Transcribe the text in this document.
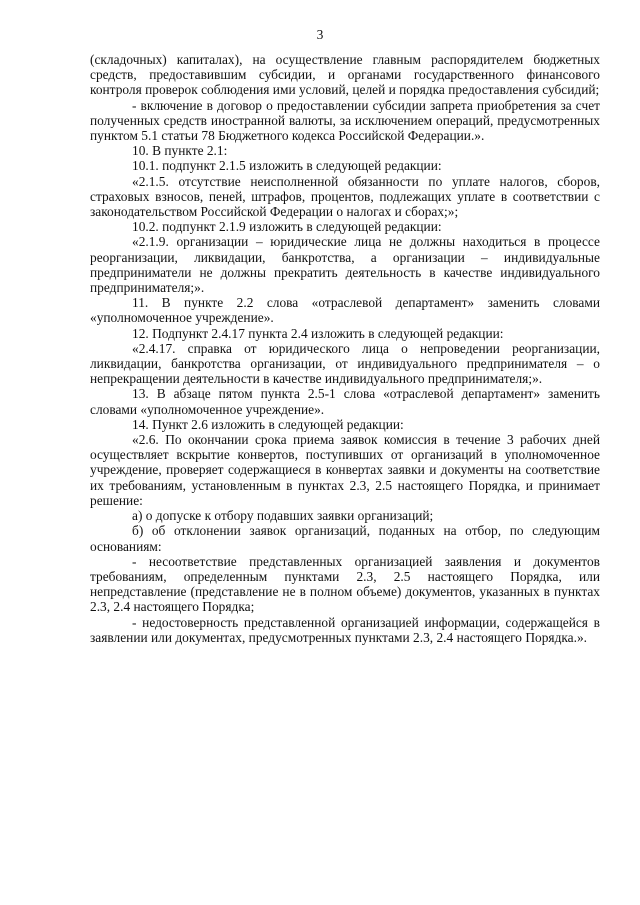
3

(складочных) капиталах), на осуществление главным распорядителем бюджетных средств, предоставившим субсидии, и органами государственного финансового контроля проверок соблюдения ими условий, целей и порядка предоставления субсидий;

- включение в договор о предоставлении субсидии запрета приобретения за счет полученных средств иностранной валюты, за исключением операций, предусмотренных пунктом 5.1 статьи 78 Бюджетного кодекса Российской Федерации.».

10. В пункте 2.1:

10.1. подпункт 2.1.5 изложить в следующей редакции:

«2.1.5. отсутствие неисполненной обязанности по уплате налогов, сборов, страховых взносов, пеней, штрафов, процентов, подлежащих уплате в соответствии с законодательством Российской Федерации о налогах и сборах;»;

10.2. подпункт 2.1.9 изложить в следующей редакции:

«2.1.9. организации – юридические лица не должны находиться в процессе реорганизации, ликвидации, банкротства, а организации – индивидуальные предприниматели не должны прекратить деятельность в качестве индивидуального предпринимателя;».

11. В пункте 2.2 слова «отраслевой департамент» заменить словами «уполномоченное учреждение».

12. Подпункт 2.4.17 пункта 2.4 изложить в следующей редакции:

«2.4.17. справка от юридического лица о непроведении реорганизации, ликвидации, банкротства организации, от индивидуального предпринимателя – о непрекращении деятельности в качестве индивидуального предпринимателя;».

13. В абзаце пятом пункта 2.5-1 слова «отраслевой департамент» заменить словами «уполномоченное учреждение».

14. Пункт 2.6 изложить в следующей редакции:

«2.6. По окончании срока приема заявок комиссия в течение 3 рабочих дней осуществляет вскрытие конвертов, поступивших от организаций в уполномоченное учреждение, проверяет содержащиеся в конвертах заявки и документы на соответствие их требованиям, установленным в пунктах 2.3, 2.5 настоящего Порядка, и принимает решение:

а) о допуске к отбору подавших заявки организаций;

б) об отклонении заявок организаций, поданных на отбор, по следующим основаниям:

- несоответствие представленных организацией заявления и документов требованиям, определенным пунктами 2.3, 2.5 настоящего Порядка, или непредставление (представление не в полном объеме) документов, указанных в пунктах 2.3, 2.4 настоящего Порядка;

- недостоверность представленной организацией информации, содержащейся в заявлении или документах, предусмотренных пунктами 2.3, 2.4 настоящего Порядка.».
